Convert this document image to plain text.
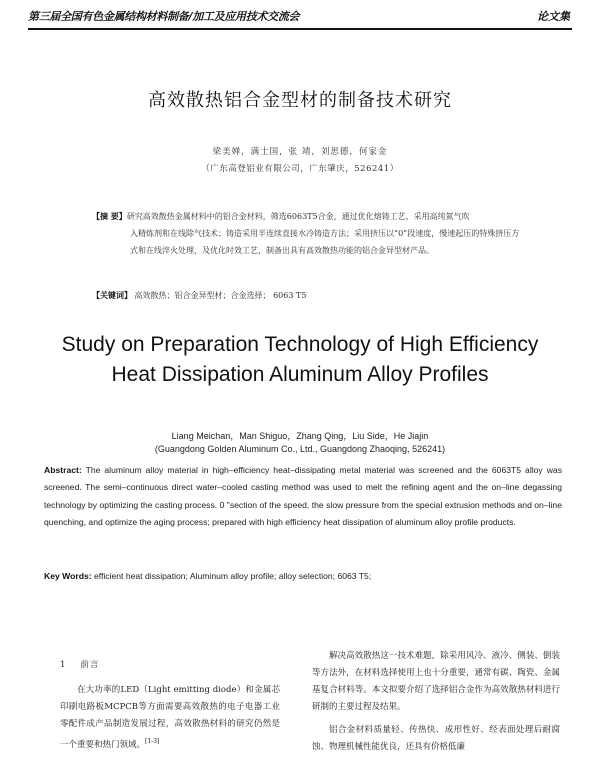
第三届全国有色金属结构材料制备/加工及应用技术交流会	论文集
高效散热铝合金型材的制备技术研究
梁美婵，满士国，张 靖，刘思德，何家金
（广东高登铝业有限公司，广东肇庆，526241）
【摘 要】研究高效散热金属材料中的铝合金材料，筛选6063T5合金，通过优化熔铸工艺，采用高纯氮气吹
入精炼剂和在线除气技术；铸造采用半连续直接水冷铸造方法；采用挤压以“0”段速度，慢速起压的特殊挤压方式和在线淬火处理，及优化时效工艺，制备出具有高效散热功能的铝合金异型材产品。
【关键词】 高效散热；铝合金异型材；合金选择； 6063 T5
Study on Preparation Technology of High Efficiency
Heat Dissipation Aluminum Alloy Profiles
Liang Meichan，Man Shiguo，Zhang Qing，Liu Side，He Jiajin
(Guangdong Golden Aluminum Co., Ltd., Guangdong Zhaoqing, 526241)
Abstract: The aluminum alloy material in high–efficiency heat–dissipating metal material was screened and the 6063T5 alloy was screened. The semi–continuous direct water–cooled casting method was used to melt the refining agent and the on–line degassing technology by optimizing the casting process. 0 "section of the speed, the slow pressure from the special extrusion methods and on–line quenching, and optimize the aging process; prepared with high efficiency heat dissipation of aluminum alloy profile products.
Key Words: efficient heat dissipation; Aluminum alloy profile; alloy selection; 6063 T5;
1 前言

在大功率的LED（Light emitting diode）和金属芯印刷电路板MCPCB等方面需要高效散热的电子电器工业零配件成产品制造发展过程，高效散热材料的研究仍然是一个重要和热门领域。[1-3]

解决高效散热这一技术难题，除采用风冷、液冷、侧装、倒装等方法外，在材料选择使用上也十分重要，通常有碳、陶瓷、金属基复合材料等。本文拟要介绍了选择铝合金作为高效散热材料进行研制的主要过程及结果。

铝合金材料质量轻、传热快、成形性好、经表面处理后耐腐蚀、物理机械性能优良，还具有价格低廉
